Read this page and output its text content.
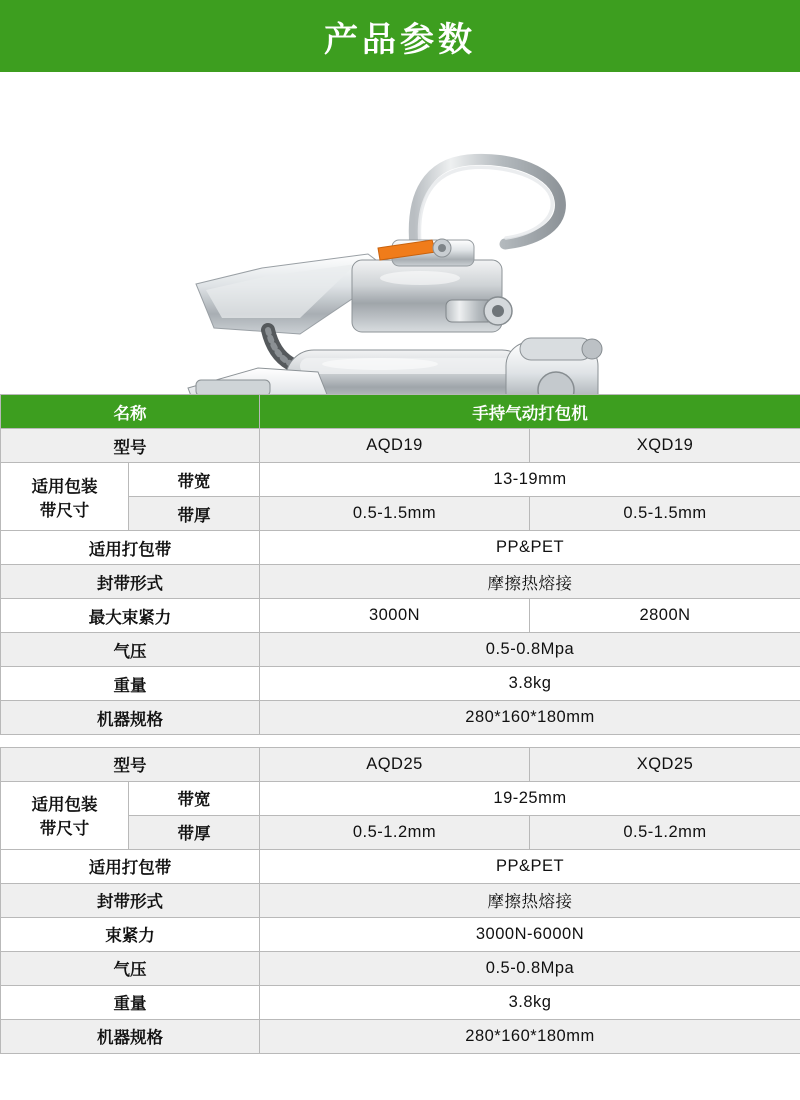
产品参数
名称		手持气动打包机	
型号		AQD19	XQD19

适用包装
带尺寸	带宽	13-19mm	
	带厚	0.5-1.5mm	0.5-1.5mm
适用打包带		PP&PET	
封带形式		摩擦热熔接	
最大束紧力		3000N	2800N
气压		0.5-0.8Mpa	
重量		3.8kg	
机器规格		280*160*180mm	

型号		AQD25	XQD25

适用包装
带尺寸	带宽	19-25mm	
	带厚	0.5-1.2mm	0.5-1.2mm
适用打包带		PP&PET	
封带形式		摩擦热熔接	
束紧力		3000N-6000N	
气压		0.5-0.8Mpa	
重量		3.8kg	
机器规格		280*160*180mm	
